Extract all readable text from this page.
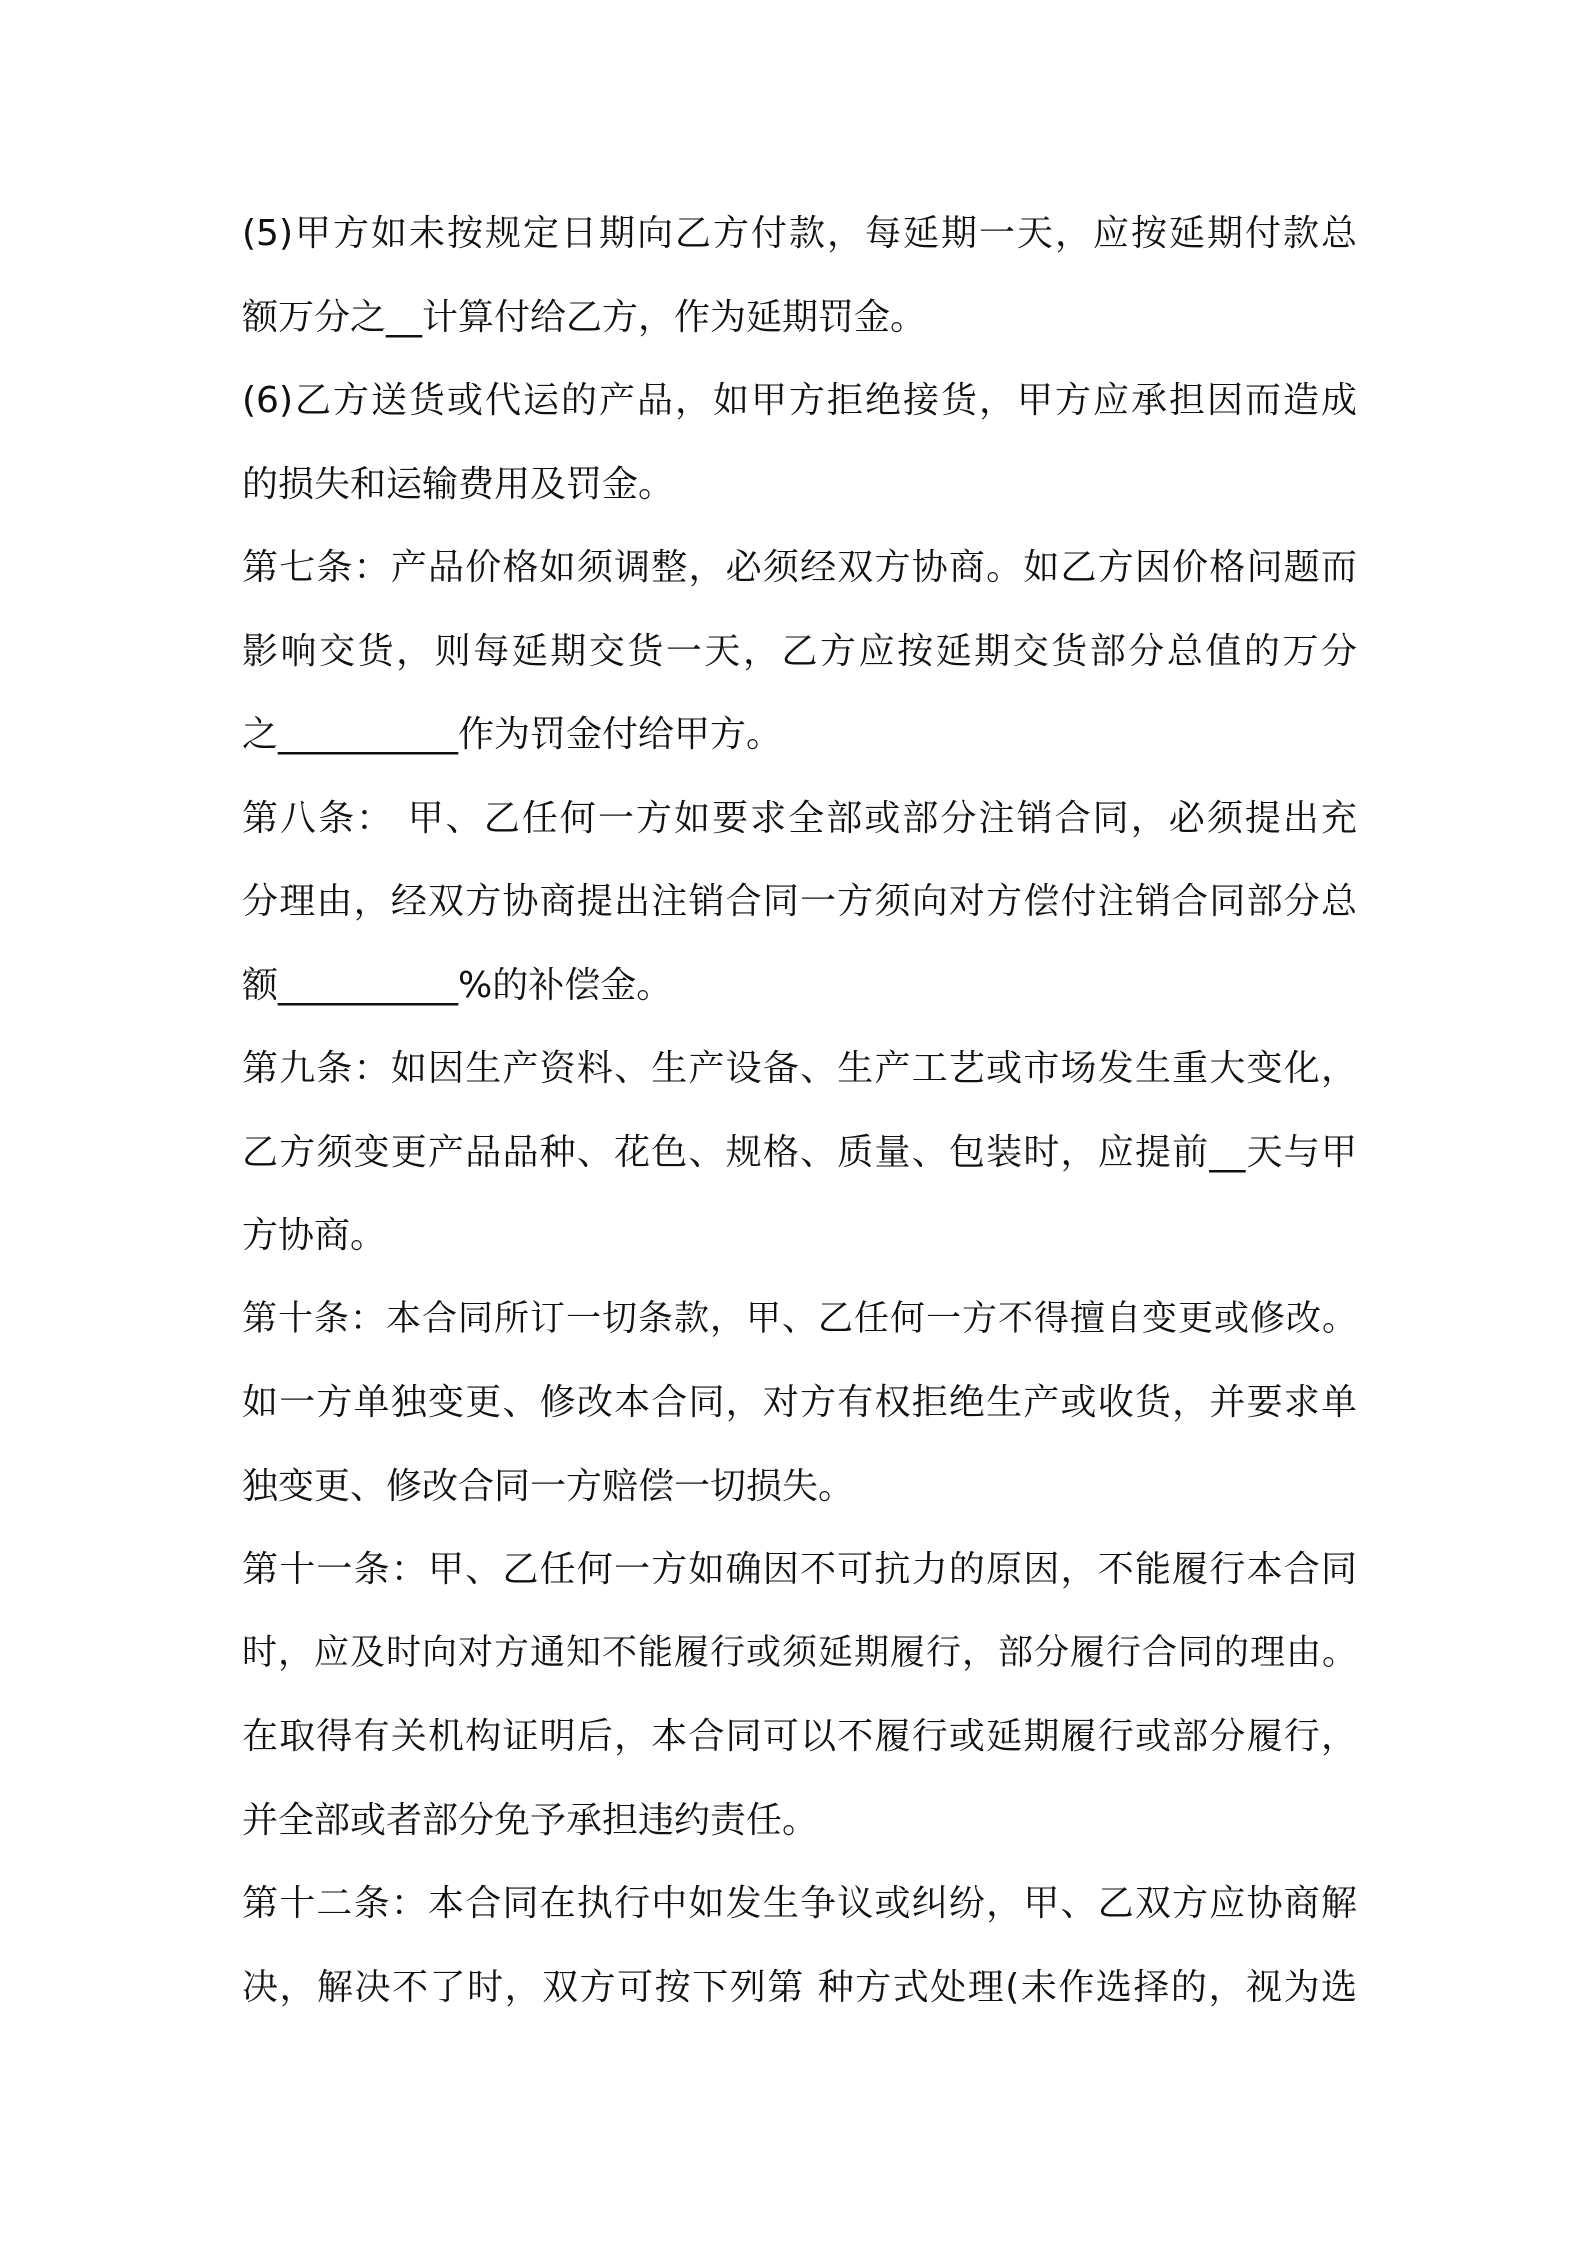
(5)甲方如未按规定日期向乙方付款，每延期一天，应按延期付款总
额万分之__计算付给乙方，作为延期罚金。
(6)乙方送货或代运的产品，如甲方拒绝接货，甲方应承担因而造成
的损失和运输费用及罚金。
第七条：产品价格如须调整，必须经双方协商。如乙方因价格问题而
影响交货，则每延期交货一天，乙方应按延期交货部分总值的万分
之__________作为罚金付给甲方。
第八条： 甲、乙任何一方如要求全部或部分注销合同，必须提出充
分理由，经双方协商提出注销合同一方须向对方偿付注销合同部分总
额__________%的补偿金。
第九条：如因生产资料、生产设备、生产工艺或市场发生重大变化，
乙方须变更产品品种、花色、规格、质量、包装时，应提前__天与甲
方协商。
第十条：本合同所订一切条款，甲、乙任何一方不得擅自变更或修改。
如一方单独变更、修改本合同，对方有权拒绝生产或收货，并要求单
独变更、修改合同一方赔偿一切损失。
第十一条：甲、乙任何一方如确因不可抗力的原因，不能履行本合同
时，应及时向对方通知不能履行或须延期履行，部分履行合同的理由。
在取得有关机构证明后，本合同可以不履行或延期履行或部分履行，
并全部或者部分免予承担违约责任。
第十二条：本合同在执行中如发生争议或纠纷，甲、乙双方应协商解
决，解决不了时，双方可按下列第 种方式处理(未作选择的，视为选
